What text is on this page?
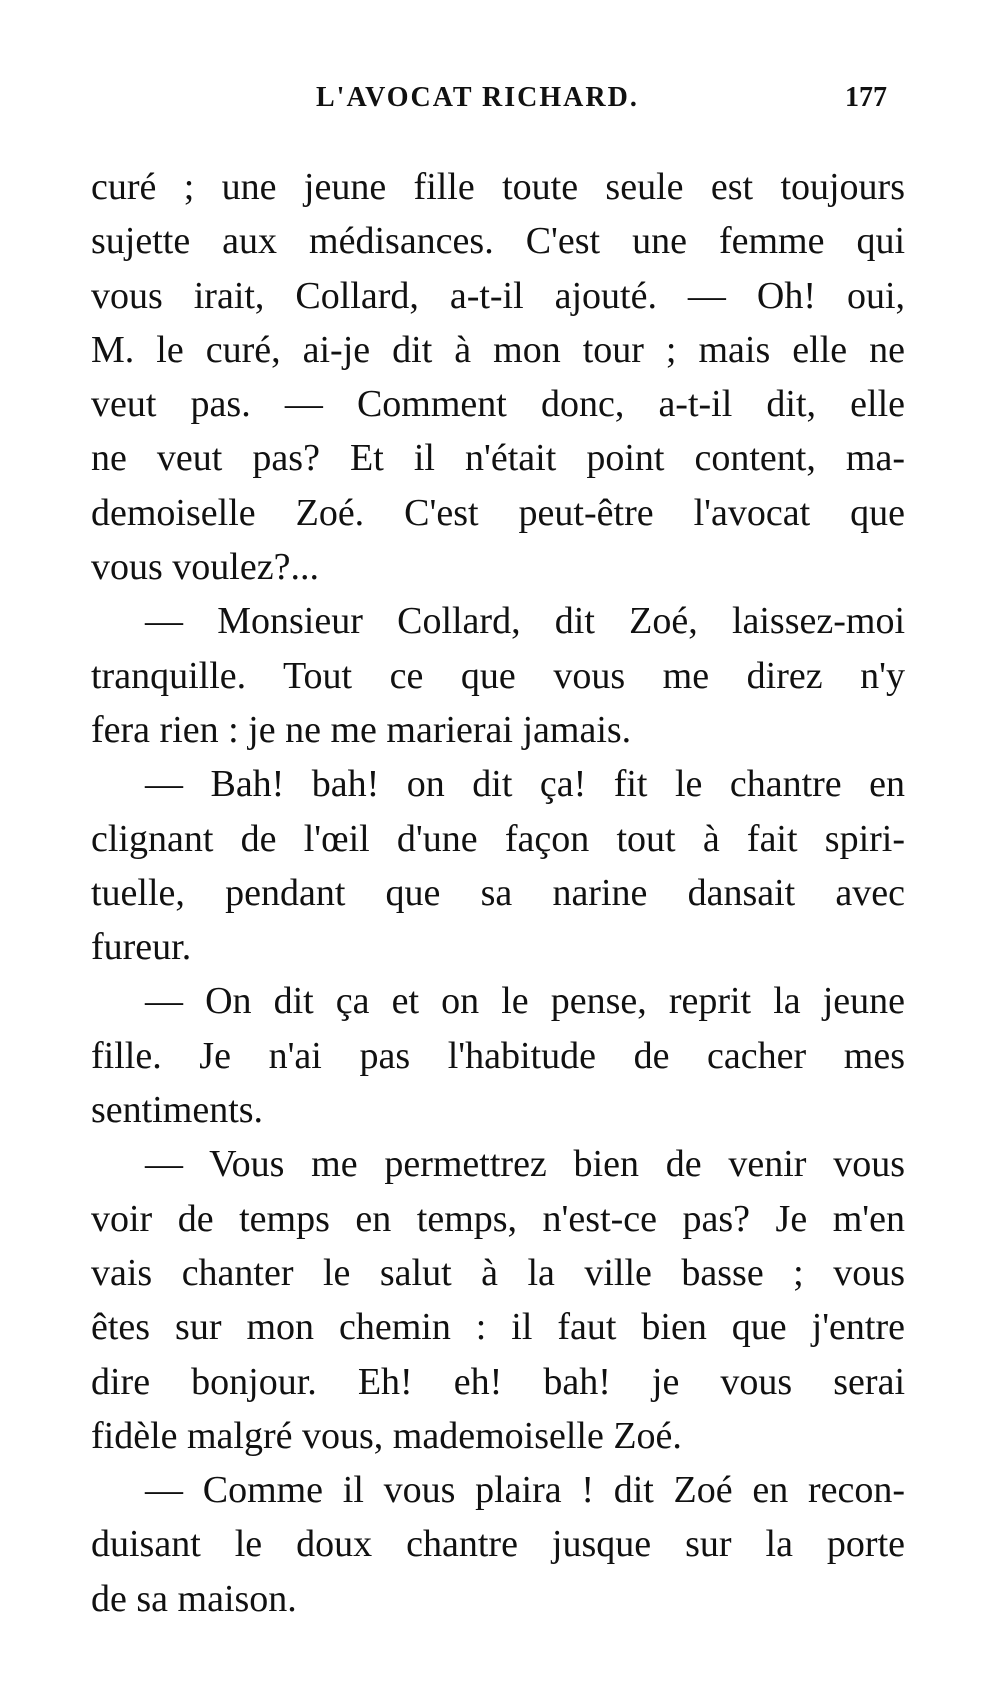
L'AVOCAT RICHARD.	177
curé ; une jeune fille toute seule est toujours
sujette aux médisances. C'est une femme qui
vous irait, Collard, a-t-il ajouté. — Oh! oui,
M. le curé, ai-je dit à mon tour ; mais elle ne
veut pas. — Comment donc, a-t-il dit, elle
ne veut pas? Et il n'était point content, ma-
demoiselle Zoé. C'est peut-être l'avocat que
vous voulez?...
— Monsieur Collard, dit Zoé, laissez-moi
tranquille. Tout ce que vous me direz n'y
fera rien : je ne me marierai jamais.
— Bah! bah! on dit ça! fit le chantre en
clignant de l'œil d'une façon tout à fait spiri-
tuelle, pendant que sa narine dansait avec
fureur.
— On dit ça et on le pense, reprit la jeune
fille. Je n'ai pas l'habitude de cacher mes
sentiments.
— Vous me permettrez bien de venir vous
voir de temps en temps, n'est-ce pas? Je m'en
vais chanter le salut à la ville basse ; vous
êtes sur mon chemin : il faut bien que j'entre
dire bonjour. Eh! eh! bah! je vous serai
fidèle malgré vous, mademoiselle Zoé.
— Comme il vous plaira ! dit Zoé en recon-
duisant le doux chantre jusque sur la porte
de sa maison.
